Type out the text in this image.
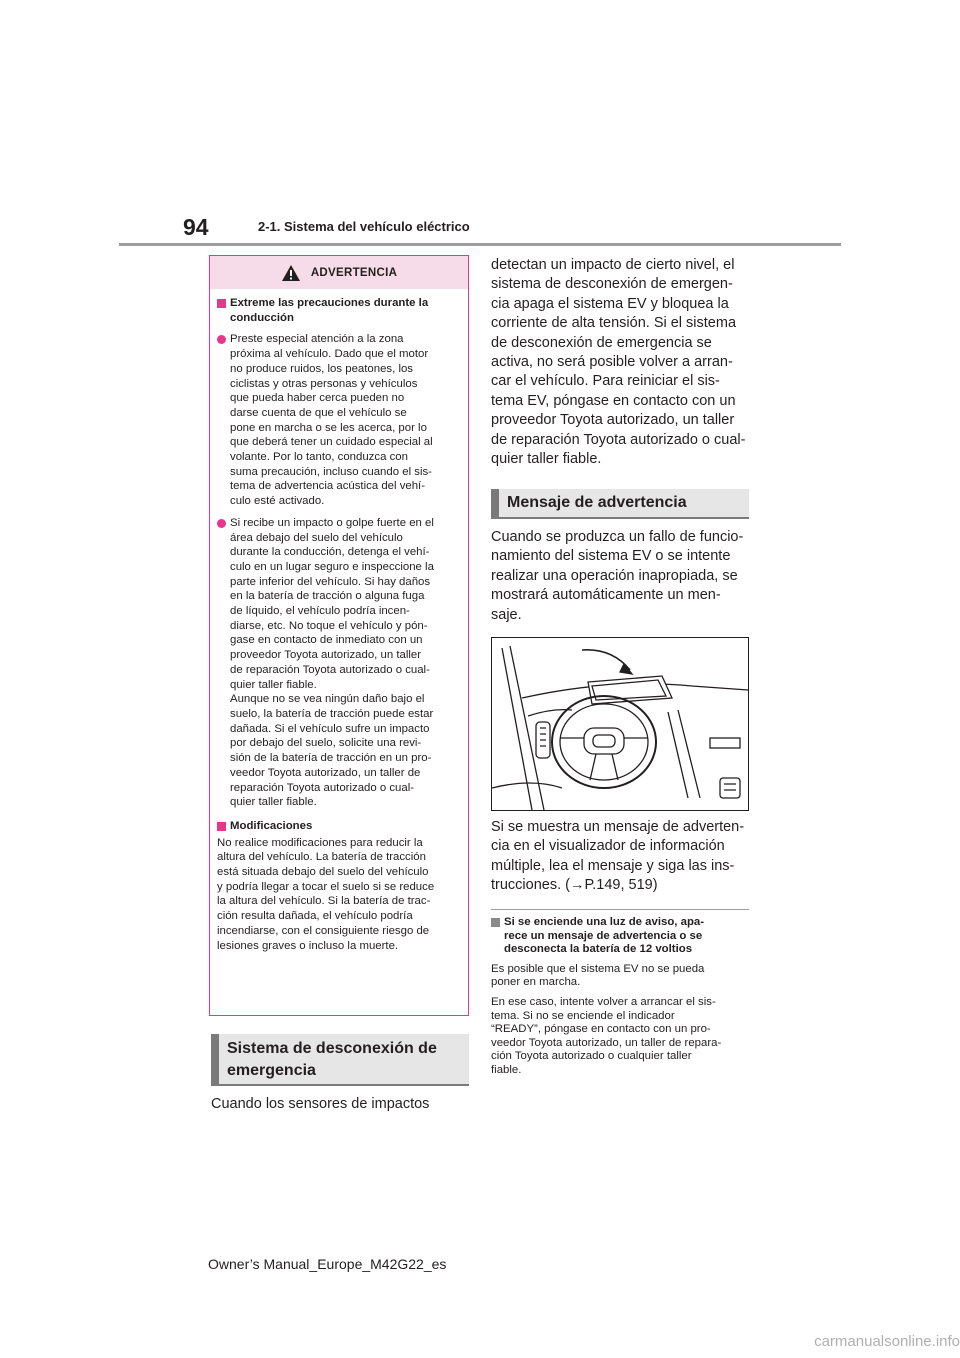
94	2-1. Sistema del vehículo eléctrico
ADVERTENCIA
Extreme las precauciones durante la
conducción
Preste especial atención a la zona
próxima al vehículo. Dado que el motor
no produce ruidos, los peatones, los
ciclistas y otras personas y vehículos
que pueda haber cerca pueden no
darse cuenta de que el vehículo se
pone en marcha o se les acerca, por lo
que deberá tener un cuidado especial al
volante. Por lo tanto, conduzca con
suma precaución, incluso cuando el sis-
tema de advertencia acústica del vehí-
culo esté activado.
Si recibe un impacto o golpe fuerte en el
área debajo del suelo del vehículo
durante la conducción, detenga el vehí-
culo en un lugar seguro e inspeccione la
parte inferior del vehículo. Si hay daños
en la batería de tracción o alguna fuga
de líquido, el vehículo podría incen-
diarse, etc. No toque el vehículo y pón-
gase en contacto de inmediato con un
proveedor Toyota autorizado, un taller
de reparación Toyota autorizado o cual-
quier taller fiable.
Aunque no se vea ningún daño bajo el
suelo, la batería de tracción puede estar
dañada. Si el vehículo sufre un impacto
por debajo del suelo, solicite una revi-
sión de la batería de tracción en un pro-
veedor Toyota autorizado, un taller de
reparación Toyota autorizado o cual-
quier taller fiable.
Modificaciones
No realice modificaciones para reducir la
altura del vehículo. La batería de tracción
está situada debajo del suelo del vehículo
y podría llegar a tocar el suelo si se reduce
la altura del vehículo. Si la batería de trac-
ción resulta dañada, el vehículo podría
incendiarse, con el consiguiente riesgo de
lesiones graves o incluso la muerte.
Sistema de desconexión de
emergencia
Cuando los sensores de impactos
detectan un impacto de cierto nivel, el
sistema de desconexión de emergen-
cia apaga el sistema EV y bloquea la
corriente de alta tensión. Si el sistema
de desconexión de emergencia se
activa, no será posible volver a arran-
car el vehículo. Para reiniciar el sis-
tema EV, póngase en contacto con un
proveedor Toyota autorizado, un taller
de reparación Toyota autorizado o cual-
quier taller fiable.
Mensaje de advertencia
Cuando se produzca un fallo de funcio-
namiento del sistema EV o se intente
realizar una operación inapropiada, se
mostrará automáticamente un men-
saje.
Si se muestra un mensaje de adverten-
cia en el visualizador de información
múltiple, lea el mensaje y siga las ins-
trucciones. (→P.149, 519)
Si se enciende una luz de aviso, apa-
rece un mensaje de advertencia o se
desconecta la batería de 12 voltios
Es posible que el sistema EV no se pueda
poner en marcha.
En ese caso, intente volver a arrancar el sis-
tema. Si no se enciende el indicador
“READY”, póngase en contacto con un pro-
veedor Toyota autorizado, un taller de repara-
ción Toyota autorizado o cualquier taller
fiable.
Owner’s Manual_Europe_M42G22_es
carmanualsonline.info
